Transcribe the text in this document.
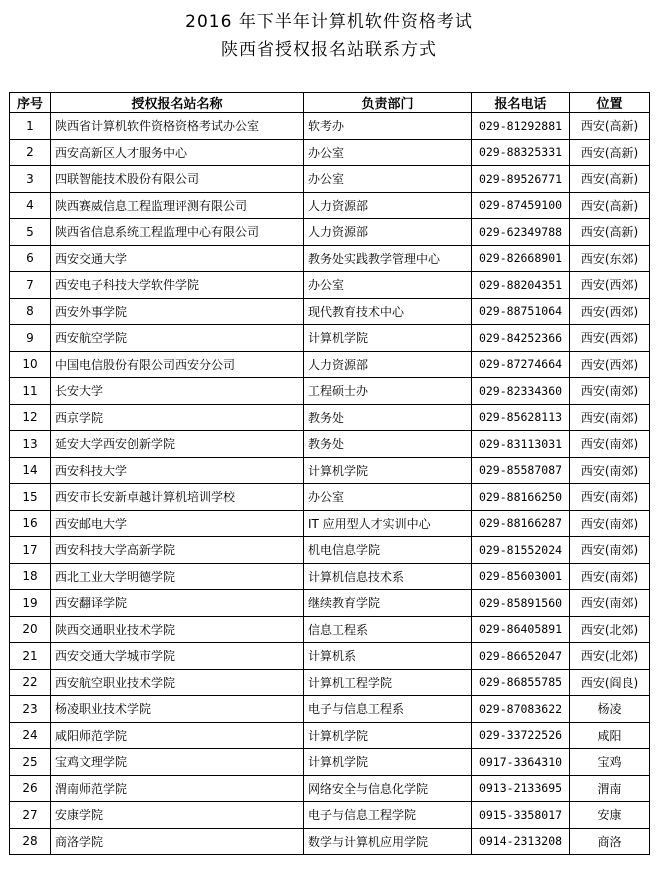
2016 年下半年计算机软件资格考试
陕西省授权报名站联系方式
序号	授权报名站名称	负责部门	报名电话	位置
1	陕西省计算机软件资格资格考试办公室	软考办	029-81292881	西安(高新)
2	西安高新区人才服务中心	办公室	029-88325331	西安(高新)
3	四联智能技术股份有限公司	办公室	029-89526771	西安(高新)
4	陕西赛威信息工程监理评测有限公司	人力资源部	029-87459100	西安(高新)
5	陕西省信息系统工程监理中心有限公司	人力资源部	029-62349788	西安(高新)
6	西安交通大学	教务处实践教学管理中心	029-82668901	西安(东郊)
7	西安电子科技大学软件学院	办公室	029-88204351	西安(西郊)
8	西安外事学院	现代教育技术中心	029-88751064	西安(西郊)
9	西安航空学院	计算机学院	029-84252366	西安(西郊)
10	中国电信股份有限公司西安分公司	人力资源部	029-87274664	西安(西郊)
11	长安大学	工程硕士办	029-82334360	西安(南郊)
12	西京学院	教务处	029-85628113	西安(南郊)
13	延安大学西安创新学院	教务处	029-83113031	西安(南郊)
14	西安科技大学	计算机学院	029-85587087	西安(南郊)
15	西安市长安新卓越计算机培训学校	办公室	029-88166250	西安(南郊)
16	西安邮电大学	IT 应用型人才实训中心	029-88166287	西安(南郊)
17	西安科技大学高新学院	机电信息学院	029-81552024	西安(南郊)
18	西北工业大学明德学院	计算机信息技术系	029-85603001	西安(南郊)
19	西安翻译学院	继续教育学院	029-85891560	西安(南郊)
20	陕西交通职业技术学院	信息工程系	029-86405891	西安(北郊)
21	西安交通大学城市学院	计算机系	029-86652047	西安(北郊)
22	西安航空职业技术学院	计算机工程学院	029-86855785	西安(阎良)
23	杨凌职业技术学院	电子与信息工程系	029-87083622	杨凌
24	咸阳师范学院	计算机学院	029-33722526	咸阳
25	宝鸡文理学院	计算机学院	0917-3364310	宝鸡
26	渭南师范学院	网络安全与信息化学院	0913-2133695	渭南
27	安康学院	电子与信息工程学院	0915-3358017	安康
28	商洛学院	数学与计算机应用学院	0914-2313208	商洛
